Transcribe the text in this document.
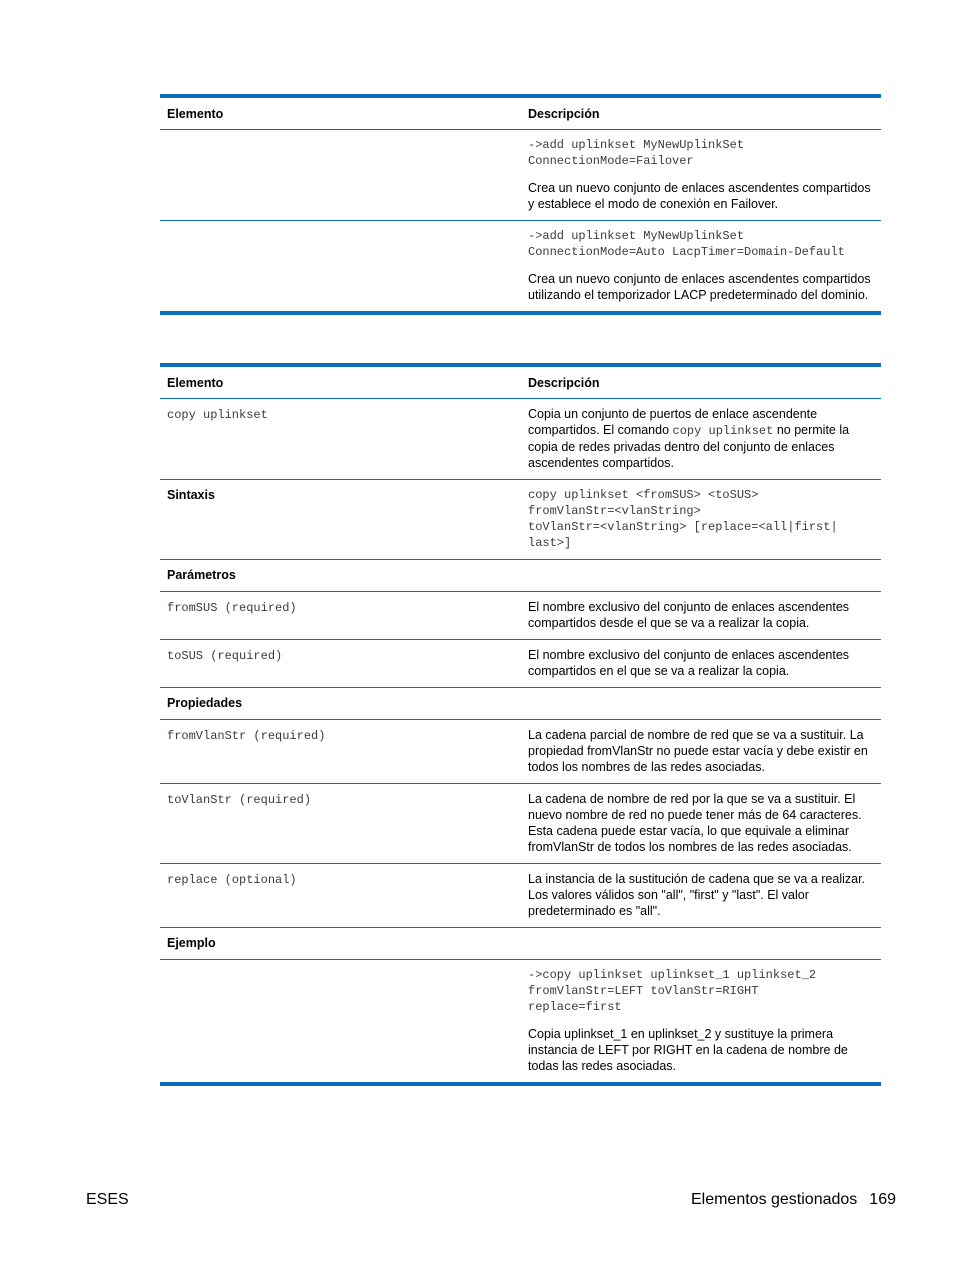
Elemento	Descripción

	->add uplinkset MyNewUplinkSet
ConnectionMode=Failover

Crea un nuevo conjunto de enlaces ascendentes compartidos y establece el modo de conexión en Failover.

	->add uplinkset MyNewUplinkSet
ConnectionMode=Auto LacpTimer=Domain-Default

Crea un nuevo conjunto de enlaces ascendentes compartidos utilizando el temporizador LACP predeterminado del dominio.

Elemento	Descripción
copy uplinkset	Copia un conjunto de puertos de enlace ascendente compartidos. El comando copy uplinkset no permite la copia de redes privadas dentro del conjunto de enlaces ascendentes compartidos.
Sintaxis	copy uplinkset <fromSUS> <toSUS>
fromVlanStr=<vlanString>
toVlanStr=<vlanString> [replace=<all|first|
last>]

Parámetros	
fromSUS (required)	El nombre exclusivo del conjunto de enlaces ascendentes compartidos desde el que se va a realizar la copia.
toSUS (required)	El nombre exclusivo del conjunto de enlaces ascendentes compartidos en el que se va a realizar la copia.
Propiedades	
fromVlanStr (required)	La cadena parcial de nombre de red que se va a sustituir. La propiedad fromVlanStr no puede estar vacía y debe existir en todos los nombres de las redes asociadas.
toVlanStr (required)	La cadena de nombre de red por la que se va a sustituir. El nuevo nombre de red no puede tener más de 64 caracteres. Esta cadena puede estar vacía, lo que equivale a eliminar fromVlanStr de todos los nombres de las redes asociadas.
replace (optional)	La instancia de la sustitución de cadena que se va a realizar. Los valores válidos son "all", "first" y "last". El valor predeterminado es "all".
Ejemplo	

	->copy uplinkset uplinkset_1 uplinkset_2
fromVlanStr=LEFT toVlanStr=RIGHT
replace=first

Copia uplinkset_1 en uplinkset_2 y sustituye la primera instancia de LEFT por RIGHT en la cadena de nombre de todas las redes asociadas.

ESES	Elementos gestionados 169
